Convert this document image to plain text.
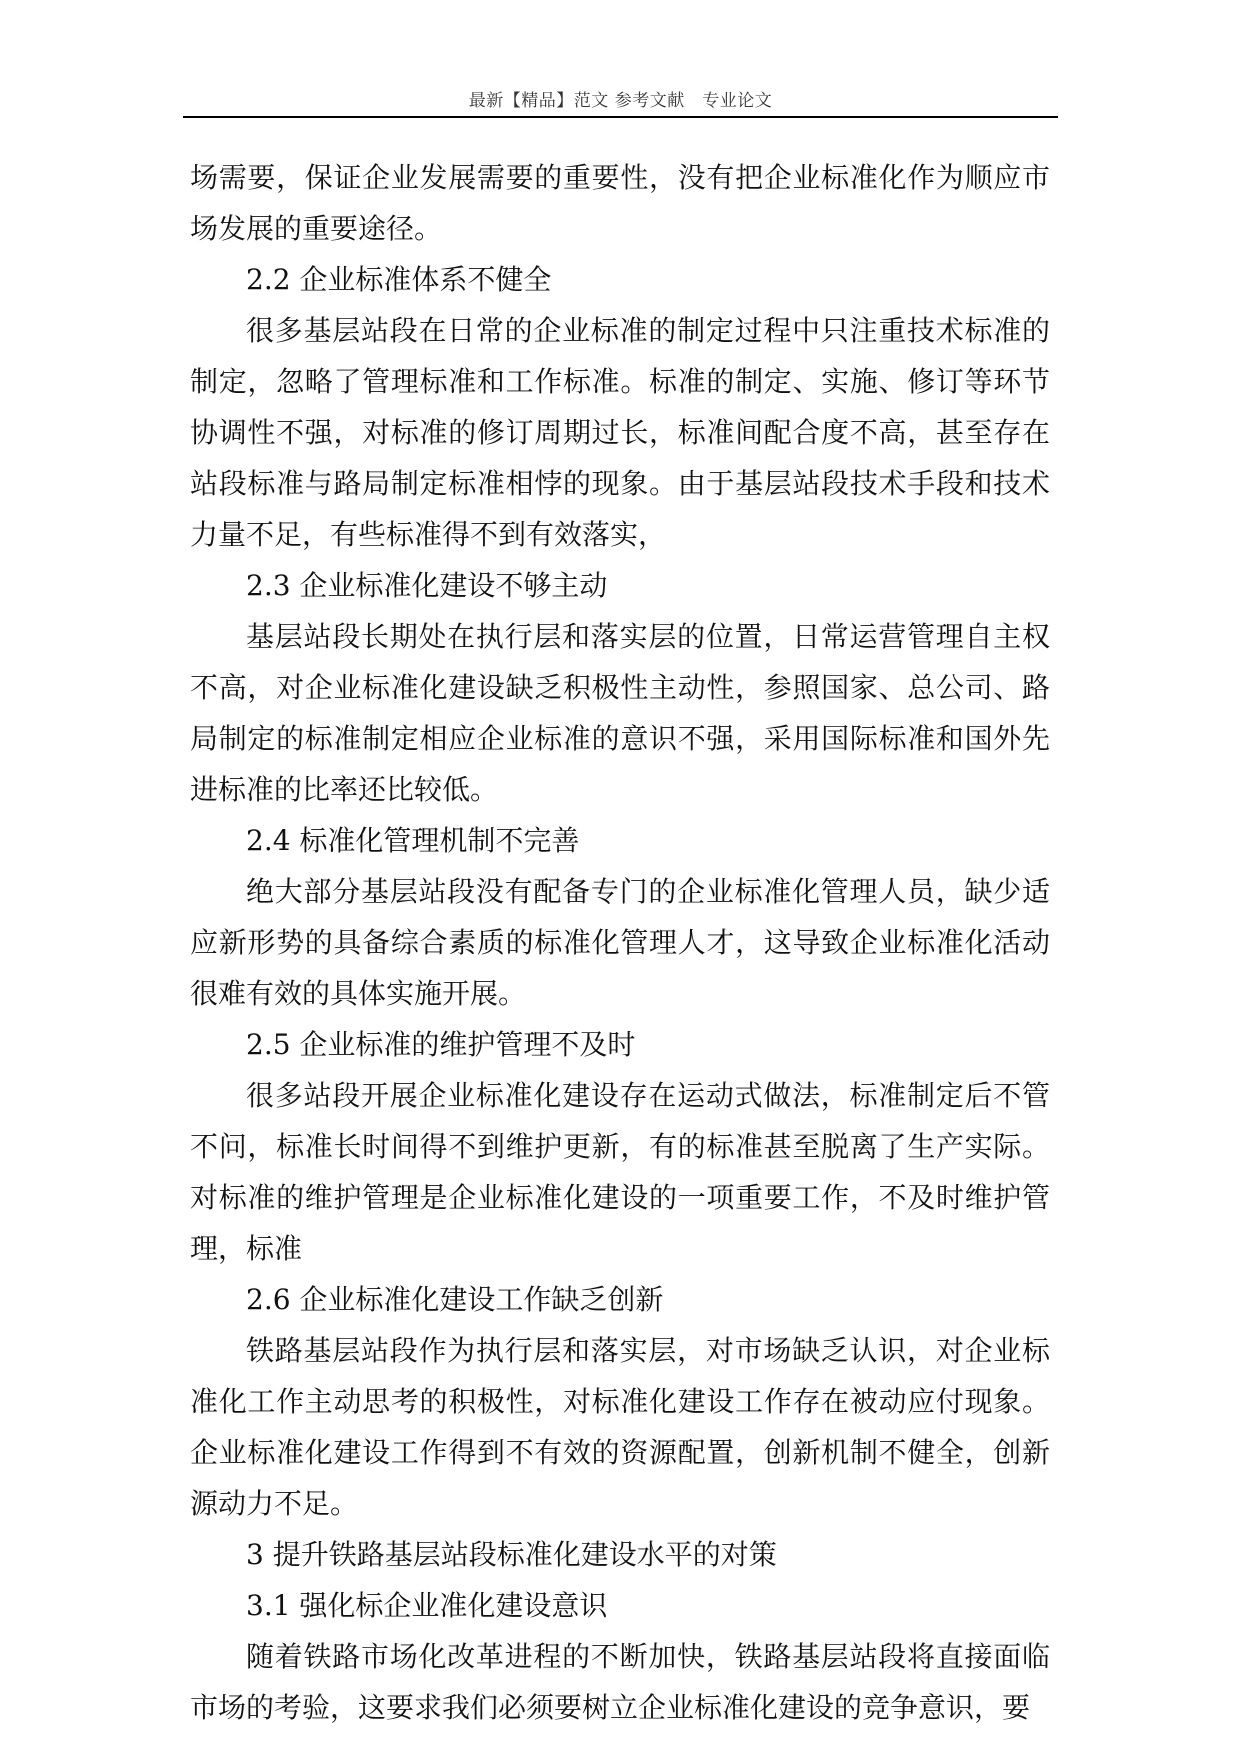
最新【精品】范文 参考文献　专业论文

场需要，保证企业发展需要的重要性，没有把企业标准化作为顺应市场发展的重要途径。

2.2 企业标准体系不健全

很多基层站段在日常的企业标准的制定过程中只注重技术标准的制定，忽略了管理标准和工作标准。标准的制定、实施、修订等环节协调性不强，对标准的修订周期过长，标准间配合度不高，甚至存在站段标准与路局制定标准相悖的现象。由于基层站段技术手段和技术力量不足，有些标准得不到有效落实，

2.3 企业标准化建设不够主动

基层站段长期处在执行层和落实层的位置，日常运营管理自主权不高，对企业标准化建设缺乏积极性主动性，参照国家、总公司、路局制定的标准制定相应企业标准的意识不强，采用国际标准和国外先进标准的比率还比较低。

2.4 标准化管理机制不完善

绝大部分基层站段没有配备专门的企业标准化管理人员，缺少适应新形势的具备综合素质的标准化管理人才，这导致企业标准化活动很难有效的具体实施开展。

2.5 企业标准的维护管理不及时

很多站段开展企业标准化建设存在运动式做法，标准制定后不管不问，标准长时间得不到维护更新，有的标准甚至脱离了生产实际。对标准的维护管理是企业标准化建设的一项重要工作，不及时维护管理，标准

2.6 企业标准化建设工作缺乏创新

铁路基层站段作为执行层和落实层，对市场缺乏认识，对企业标准化工作主动思考的积极性，对标准化建设工作存在被动应付现象。企业标准化建设工作得到不有效的资源配置，创新机制不健全，创新源动力不足。

3 提升铁路基层站段标准化建设水平的对策

3.1 强化标企业准化建设意识

随着铁路市场化改革进程的不断加快，铁路基层站段将直接面临市场的考验，这要求我们必须要树立企业标准化建设的竞争意识，要
